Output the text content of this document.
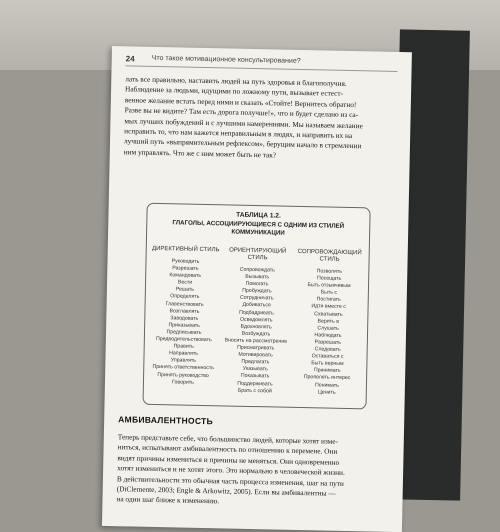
24 Что такое мотивационное консультирование?

лать все правильно, наставить людей на путь здоровья и благополучия.

Наблюдение за людьми, идущими по ложному пути, вызывает естест-

венное желание встать перед ними и сказать «Стойте! Вернитесь обратно!

Разве вы не видите? Там есть дорога получше!», что и будет сделано из са-

мых лучших побуждений и с лучшими намерениями. Мы называем желание

исправить то, что нам кажется неправильным в людях, и направить их на

лучший путь «выпрямительным рефлексом», берущим начало в стремлении

ним управлять. Что же с ним может быть не так?

ТАБЛИЦА 1.2.
ГЛАГОЛЫ, АССОЦИИРУЮЩИЕСЯ С ОДНИМ ИЗ СТИЛЕЙ КОММУНИКАЦИИ
ДИРЕКТИВНЫЙ СТИЛЬ
Руководить
Разрешать
Командовать
Вести
Решать
Определять
Главенствовать
Возглавлять
Заводовать
Приказывать
Предписывать
Предводительствовать
Править
Направлять
Управлять
Принять ответственность
Принять руководство
Говорить
ОРИЕНТИРУЮЩИЙ СТИЛЬ
Сопровождать
Вызывать
Помогать
Пробуждать
Сотрудничать
Добиваться
Подбадривать
Осведомлять
Вдохновлять
Возбуждать
Вносить на рассмотрение
Присматривать
Мотивировать
Предлагать
Указывать
Показывать
Поддерживать
Брать с собой
СОПРОВОЖДАЮЩИЙ СТИЛЬ
Позволять
Посещать
Быть отзывчивым
Быть с
Постигать
Идти вместе с
Схватывать
Верить в
Слушать
Наблюдать
Разрешать
Следовать
Оставаться с
Быть верным
Принимать
Проявлять интерес
Понимать
Ценить
АМБИВАЛЕНТНОСТЬ

Теперь представьте себе, что большинство людей, которые хотят изме-

ниться, испытывают амбивалентность по отношению к перемене. Они

видят причины измениться и причины не меняться. Они одновременно

хотят измениться и не хотят этого. Это нормально в человеческой жизни.

В действительности это обычная часть процесса изменения, шаг на пути

(DiClemente, 2003; Engle & Arkowitz, 2005). Если вы амбивалентны —

на один шаг ближе к изменению.
